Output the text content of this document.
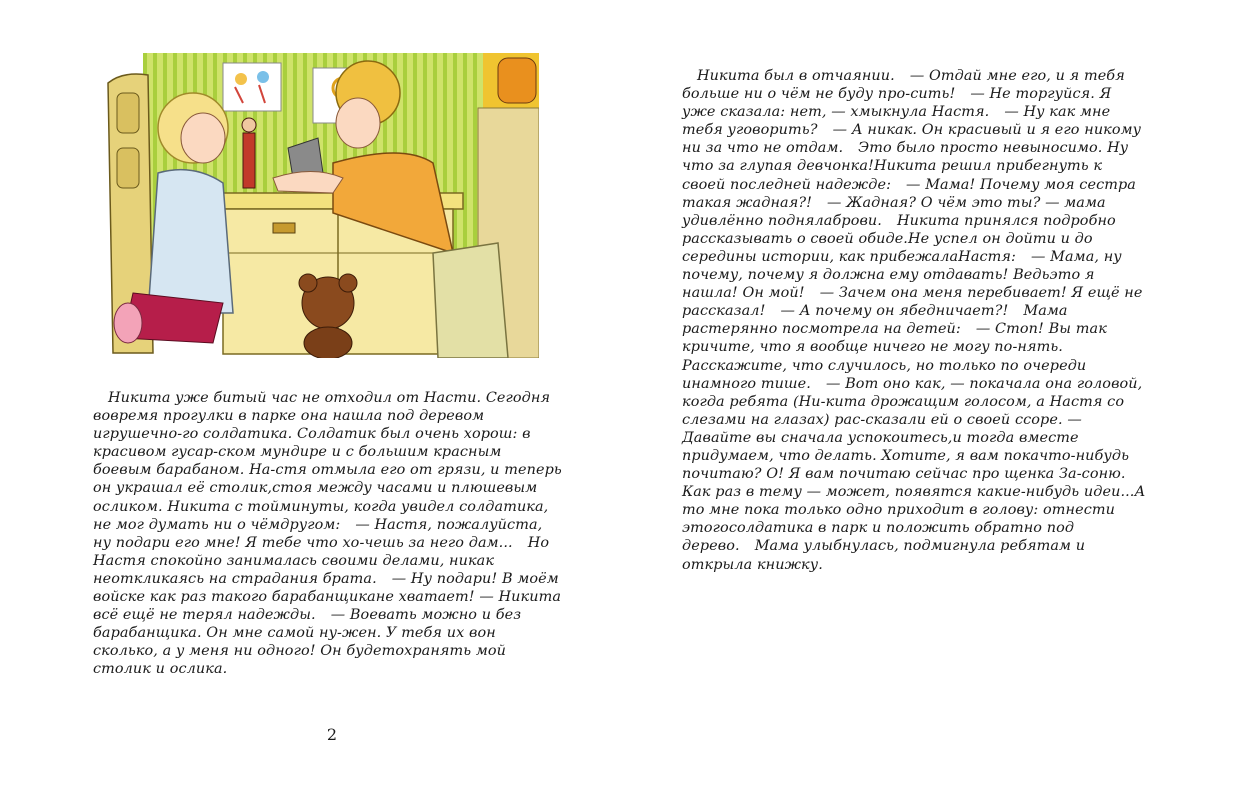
Никита уже битый час не отходил от Насти. Сегодня вовремя прогулки в парке она нашла под деревом игрушечно-го солдатика. Солдатик был очень хорош: в красивом гусар-ском мундире и с большим красным боевым барабаном. На-стя отмыла его от грязи, и теперь он украшал её столик,стоя между часами и плюшевым осликом. Никита с тойминуты, когда увидел солдатика, не мог думать ни о чёмдругом: — Настя, пожалуйста, ну подари его мне! Я тебе что хо-чешь за него дам... Но Настя спокойно занималась своими делами, никак неоткликаясь на страдания брата. — Ну подари! В моём войске как раз такого барабанщикане хватает! — Никита всё ещё не терял надежды. — Воевать можно и без барабанщика. Он мне самой ну-жен. У тебя их вон сколько, а у меня ни одного! Он будетохранять мой столик и ослика.
2
Никита был в отчаянии. — Отдай мне его, и я тебя больше ни о чём не буду про-сить! — Не торгуйся. Я уже сказала: нет, — хмыкнула Настя. — Ну как мне тебя уговорить? — А никак. Он красивый и я его никому ни за что не отдам. Это было просто невыносимо. Ну что за глупая девчонка!Никита решил прибегнуть к своей последней надежде: — Мама! Почему моя сестра такая жадная?! — Жадная? О чём это ты? — мама удивлённо поднялаброви. Никита принялся подробно рассказывать о своей обиде.Не успел он дойти и до середины истории, как прибежалаНастя: — Мама, ну почему, почему я должна ему отдавать! Ведьэто я нашла! Он мой! — Зачем она меня перебивает! Я ещё не рассказал! — А почему он ябедничает?! Мама растерянно посмотрела на детей: — Стоп! Вы так кричите, что я вообще ничего не могу по-нять. Расскажите, что случилось, но только по очереди инамного тише. — Вот оно как, — покачала она головой, когда ребята (Ни-кита дрожащим голосом, а Настя со слезами на глазах) рас-сказали ей о своей ссоре. — Давайте вы сначала успокоитесь,и тогда вместе придумаем, что делать. Хотите, я вам покачто-нибудь почитаю? О! Я вам почитаю сейчас про щенка За-соню. Как раз в тему — может, появятся какие-нибудь идеи...А то мне пока только одно приходит в голову: отнести этогосолдатика в парк и положить обратно под дерево. Мама улыбнулась, подмигнула ребятам и открыла книжку.
